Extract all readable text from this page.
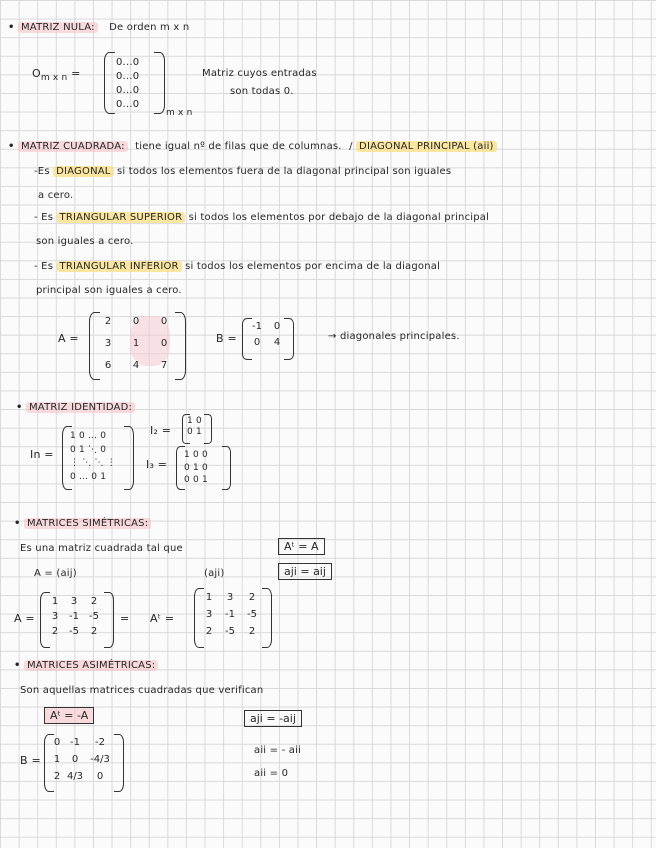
• MATRIZ NULA: De orden m x n
$O_{m x n}$ =
0...0
0...0
0...0
0...0
m x n
Matriz cuyos entradas
son todas 0.
• MATRIZ CUADRADA: tiene igual nº de filas que de columnas. / DIAGONAL PRINCIPAL (aii)
-Es DIAGONAL si todos los elementos fuera de la diagonal principal son iguales
a cero.
- Es TRIANGULAR SUPERIOR si todos los elementos por debajo de la diagonal principal
son iguales a cero.
- Es TRIANGULAR INFERIOR si todos los elementos por encima de la diagonal
principal son iguales a cero.
A =
2	0	0
3	1	0
6	4	7
B =
-1	0
0	4
→ diagonales principales.
• MATRIZ IDENTIDAD:
In =
1 0 ... 0
0 1 ⋱ 0
⋮ ⋱ ⋱ ⋮
0 ... 0 1
I₂ =
1 0
0 1
I₃ =
1 0 0
0 1 0
0 0 1
• MATRICES SIMÉTRICAS:
Es una matriz cuadrada tal que	Aᵗ = A
A = (aij)	(aji)	aji = aij
A =
1	3	2
3	-1	-5
2	-5	2
= Aᵗ =
1	3	2
3	-1	-5
2	-5	2
• MATRICES ASIMÉTRICAS:
Son aquellas matrices cuadradas que verifican
Aᵗ = -A	aji = -aij
aii = - aii
aii = 0
B =
0 -1	-2
1	0	-4/3
2 4/3	0
